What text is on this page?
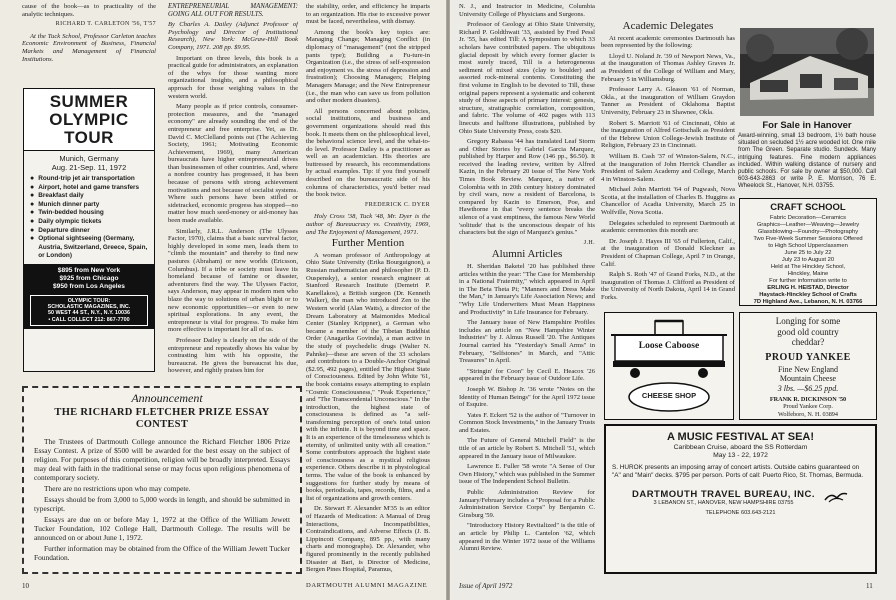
cause of the book—as to practicality of the analytic techniques.

RICHARD T. CARLETON '56, T'57

At the Tuck School, Professor Carleton teaches Economic Environment of Business, Financial Markets and Management of Financial Institutions.

SUMMER
OLYMPIC TOUR
Munich, Germany
Aug. 21-Sep. 11, 1972
● Round-trip jet air transportation
● Airport, hotel and game transfers
● Breakfast daily
● Munich dinner party
● Twin-bedded housing
● Daily olympic tickets
● Departure dinner
● Optional sightseeing (Germany, Austria, Switzerland, Greece, Spain, or London)
$895 from New York
$925 from Chicago
$950 from Los Angeles
OLYMPIC TOUR:
SCHOLASTIC MAGAZINES, INC.
50 WEST 44 ST., N.Y., N.Y. 10036
• CALL COLLECT 212: 867-7700

ENTREPRENEURIAL MANAGEMENT: GOING ALL OUT FOR RESULTS.

By Charles A. Dailey (Adjunct Professor of Psychology and Director of Institutional Research), New York: McGraw-Hill Book Company, 1971. 208 pp. $9.95.

Important on three levels, this book is a practical guide for administrators, an explanation of the whys for those wanting more organizational insights, and a philosophical approach for those weighing values in the western world.

Many people as if price controls, consumer-protection measures, and the "managed economy" are already sounding the end of the entrepreneur and free enterprise. Yet, as Dr. David C. McClelland points out (The Achieving Society, 1961; Motivating Economic Achievement, 1969), many American bureaucrats have higher entrepreneurial drives than businessmen of other countries. And, where a nonfree country has progressed, it has been because of persons with strong achievement motivations and not because of socialist systems. Where such persons have been stifled or sidetracked, economic progress has stopped—no matter how much seed-money or aid-money has been made available.

Similarly, J.R.L. Anderson (The Ulysses Factor, 1970), claims that a basic survival factor, highly developed in some men, leads them to "climb the mountain" and thereby to find new pastures (Abraham) or new worlds (Ericsson, Columbus). If a tribe or society must leave its homeland because of famine or disaster, adventurers find the way. The Ulysses Factor, says Anderson, may appear in modern men who blaze the way to solutions of urban blight or to new economic opportunities—or even to new spiritual explorations. In any event, the entrepreneur is vital for progress. To make him more effective is important for all of us.

Professor Dailey is clearly on the side of the entrepreneur and repeatedly shows his value by contrasting him with his opposite, the bureaucrat. He gives the bureaucrat his due, however, and rightly praises him for

the stability, order, and efficiency he imparts to an organization. His rise to excessive power must be faced, nevertheless, with dismay.

Among the book's key topics are: Managing Change; Managing Conflict (in diplomacy of "management" (not the stripped pants type); Building a Fu-ture-in Organization (i.e., the stress of self-expression and enjoyment vs. the stress of depression and frustration); Choosing Managers; Helping Managers Manage; and the New Entrepreneur (i.e., the man who can save us from pollution and other modern disasters).

All persons concerned about policies, social institutions, and business and government organizations should read this book. It meets them on the philosophical level, the behavioral science level, and the what-to-do level. Professor Dailey is a practitioner as well as an academician. His theories are buttressed by research, his recommendations by actual examples. Tip: if you find yourself described on the bureaucratic side of his columns of characteristics, you'd better read the book twice.

FREDERICK C. DYER

Holy Cross '38, Tuck '48, Mr. Dyer is the author of Bureaucracy vs. Creativity, 1969, and The Enjoyment of Management, 1971.

Further Mention

A woman professor of Anthropology at Ohio State University (Erika Bourguignon), a Russian mathematician and philosopher (P. D. Ouspensky), a senior research engineer at Stanford Research Institute (Demetri P. Kanellakos), a British surgeon (Dr. Kenneth Walker), the man who introduced Zen to the Western world (Alan Watts), a director of the Dream Laboratory at Maimonides Medical Center (Stanley Krippner), a German who became a member of the Tibetan Buddhist Order (Anagarika Govinda), a man active in the study of psychedelic drugs (Walter N. Pahnke)—these are seven of the 33 scholars and contributors to a Double-Anchor Original ($2.95, 492 pages), entitled The Highest State of Consciousness. Edited by John White '61, the book contains essays attempting to explain "Cosmic Consciousness," "Peak Experience," and "The Transcendental Unconscious." In the introduction, the highest state of consciousness is defined as "a self-transforming perception of one's total union with the infinite. It is beyond time and space. It is an experience of the timelessness which is eternity, of unlimited unity with all creation." Some contributors approach the highest state of consciousness as a mystical religious experience. Others describe it in physiological terms. The value of the book is enhanced by suggestions for further study by means of books, periodicals, tapes, records, films, and a list of organizations and growth centers.

Dr. Stewart F. Alexander M'35 is an editor of Hazards of Medication: A Manual of Drug Interactions, Incompatibilities, Contraindications, and Adverse Effects (J. B. Lippincott Company, 895 pp., with many charts and monographs). Dr. Alexander, who figured prominently in the recently published Disaster at Bari, is Director of Medicine, Bergen Pines Hospital, Paramus,

Announcement

THE RICHARD FLETCHER PRIZE ESSAY
CONTEST

The Trustees of Dartmouth College announce the Richard Fletcher 1806 Prize Essay Contest. A prize of $500 will be awarded for the best essay on the subject of religion. For purposes of this competition, religion will be broadly interpreted. Essays may deal with faith in the traditional sense or may focus upon religious phenomena of contemporary society.

There are no restrictions upon who may compete.

Essays should be from 3,000 to 5,000 words in length, and should be submitted in typescript.

Essays are due on or before May 1, 1972 at the Office of the William Jewett Tucker Foundation, 102 College Hall, Dartmouth College. The results will be announced on or about June 1, 1972.

Further information may be obtained from the Office of the William Jewett Tucker Foundation.

10	DARTMOUTH ALUMNI MAGAZINE

N. J., and Instructor in Medicine, Columbia University College of Physicians and Surgeons.

Professor of Geology at Ohio State University, Richard P. Goldthwait '33, assisted by Fred Pessl Jr. '55, has edited Till: A Symposium to which 33 scholars have contributed papers. The ubiquitous glacial deposit by which every former glacier is most surely traced, Till is a heterogeneous sediment of mixed sizes (clay to boulder) and assorted rock-mineral contents. Constituting the first volume in English to be devoted to Till, these original papers represent a systematic and coherent study of those aspects of primary interest: genesis, structure, stratigraphic correlation, composition, and fabric. The volume of 402 pages with 113 linecuts and halftone illustrations, published by Ohio State University Press, costs $20.

Gregory Rabassa '44 has translated Leaf Storm and Other Stories by Gabriel Garcia Marquez, published by Harper and Row (146 pp., $6.50). It received the leading review, written by Alfred Kazin, in the February 20 issue of The New York Times Book Review. Marquez, a native of Colombia with in 20th century history dominated by civil wars, now a resident of Barcelona, is compared by Kazin to Emerson, Poe, and Hawthorne in that "every sentence breaks the silence of a vast emptiness, the famous New World 'solitude' that is the unconscious despair of his characters but the sign of Marquez's genius."

J.H.
Alumni Articles

H. Sheridan Baketel '20 has published three articles within the year: "The Case for Membership in a National Fraternity," which appeared in April in The Beta Theta Pi; "Manners and Dress Make the Man," in January's Life Association News; and "Why Life Underwriters Must Mean Happiness and Productivity" in Life Insurance for February.

The January issue of New Hampshire Profiles includes an article on "New Hampshire Winter Industries" by J. Almus Russell '20. The Antiques Journal carried his "Yesterday's Small Arms" in February, "Selfstones" in March, and "Attic Treasures" in April.

"Stringin' for Coon" by Cecil E. Heacox '26 appeared in the February issue of Outdoor Life.

Joseph W. Bishop Jr. '36 wrote "Notes on the Identity of Human Beings" for the April 1972 issue of Esquire.

Yates F. Eckert '52 is the author of "Turnover in Common Stock Investments," in the January Trusts and Estates.

The Future of General Mitchell Field" is the title of an article by Robert S. Mitchell '51, which appeared in the January issue of Milwaukee.

Lawrence E. Fuller '58 wrote "A Sense of Our Own History," which was published in the Summer issue of The Independent School Bulletin.

Public Administration Review for January/February includes a "Proposal for a Public Administration Service Corps" by Benjamin C. Ginsburg '59.

"Introductory History Revitalized" is the title of an article by Philip L. Cantelon '62, which appeared in the Winter 1972 issue of the Williams Alumni Review.

Academic Delegates

At recent academic ceremonies Dartmouth has been represented by the following:

Lloyd U. Noland Jr. '39 of Newport News, Va., at the inauguration of Thomas Ashley Graves Jr. as President of the College of William and Mary, February 5 in Williamsburg.

Professor Larry A. Gleason '61 of Norman, Okla., at the inauguration of William Graydon Tanner as President of Oklahoma Baptist University, February 23 in Shawnee, Okla.

Robert S. Marriott '61 of Cincinnati, Ohio at the inauguration of Alfred Gottschalk as President of the Hebrew Union College-Jewish Institute of Religion, February 23 in Cincinnati.

William B. Cash '37 of Winston-Salem, N.C., at the inauguration of John Herrick Chandler as President of Salem Academy and College, March 4 in Winston-Salem.

Michael John Marriott '64 of Pugwash, Nova Scotia, at the installation of Charles B. Huggins as Chancellor of Acadia University, March 25 in Wolfville, Nova Scotia.

Delegates scheduled to represent Dartmouth at academic ceremonies this month are:

Dr. Joseph J. Hayes III '65 of Fullerton, Calif., at the inauguration of Donald Kleckner as President of Chapman College, April 7 in Orange, Calif.

Ralph S. Roth '47 of Grand Forks, N.D., at the inauguration of Thomas J. Clifford as President of the University of North Dakota, April 14 in Grand Forks.

For Sale in Hanover

Award-winning, small 13 bedroom, 1½ bath house situated on secluded 1½ acre wooded lot. One mile from The Green. Separate studio. Sundeck. Many intriguing features. Fine modern appliances included. Within walking distance of nursery and public schools. For sale by owner at $50,000. Call 603-643-2863 or write P. E. Morrison, 76 E. Wheelock St., Hanover, N.H. 03755.

CRAFT SCHOOL
Fabric Decoration—Ceramics
Graphics—Leather—Weaving—Jewelry
Glassblowing—Foundry—Photography
Two Five-Week Summer Sessions Offered
to High School Upperclassmen
June 25 to July 22
July 23 to August 20
Held at The Hinckley School,
Hinckley, Maine
For further information write to
ERLING H. HEISTAD, Director
Haystack-Hinckley School of Crafts
7D Highland Ave., Lebanon, N. H. 03766
Loose Caboose
CHEESE SHOP
Longing for some
good old country
cheddar?
PROUD YANKEE
Fine New England
Mountain Cheese
3 lbs. —$6.25 ppd.
FRANK R. DICKINSON '50
Proud Yankee Corp.
Wolfeboro, N. H. 03894
A MUSIC FESTIVAL AT SEA!
Caribbean Cruise, aboard the SS Rotterdam
May 13 - 22, 1972

S. HUROK presents an imposing array of concert artists. Outside cabins guaranteed on "A" and "Main" decks. $795 per person. Ports of call: Puerto Rico, St. Thomas, Bermuda.

DARTMOUTH TRAVEL BUREAU, INC.
3 LEBANON ST., HANOVER, NEW HAMPSHIRE 03755
TELEPHONE 603.643-2121
Issue of April 1972	11
